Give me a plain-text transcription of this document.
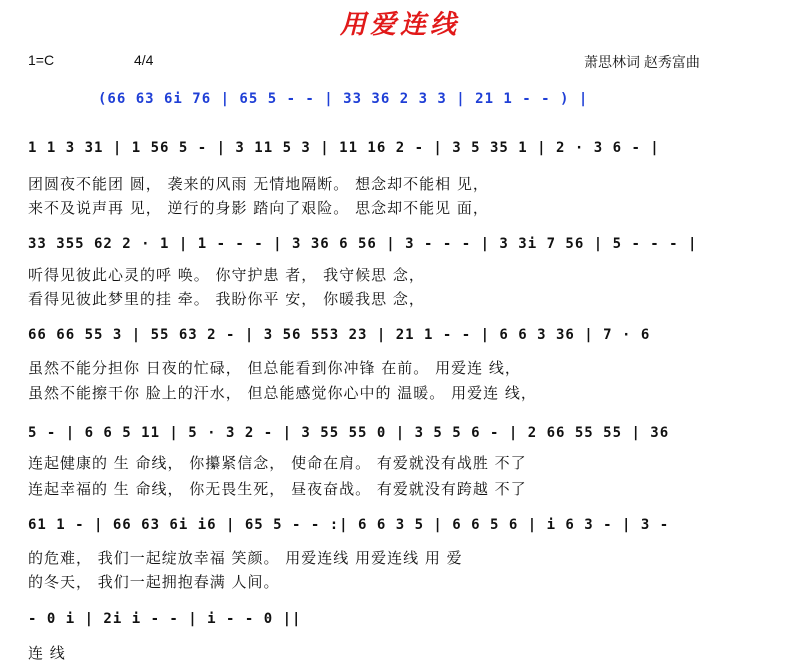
用爱连线
1=C	4/4	萧思林词 赵秀富曲
(66 63 6i 76 | 65 5 - - | 33 36 2 3 3 | 21 1 - - ) |
1 1 3 31 | 1 56 5 - | 3 11 5 3 | 11 16 2 - | 3 5 35 1 | 2 · 3 6 - |
团圆夜不能团 圆， 袭来的风雨 无情地隔断。 想念却不能相 见，
来不及说声再 见， 逆行的身影 踏向了艰险。 思念却不能见 面，
33 355 62 2 · 1 | 1 - - - | 3 36 6 56 | 3 - - - | 3 3i 7 56 | 5 - - - |
听得见彼此心灵的呼 唤。 你守护患 者， 我守候思 念，
看得见彼此梦里的挂 牵。 我盼你平 安， 你暖我思 念，
66 66 55 3 | 55 63 2 - | 3 56 553 23 | 21 1 - - | 6 6 3 36 | 7 · 6
虽然不能分担你 日夜的忙碌， 但总能看到你冲锋 在前。 用爱连 线，
虽然不能擦干你 脸上的汗水， 但总能感觉你心中的 温暖。 用爱连 线，
5 - | 6 6 5 11 | 5 · 3 2 - | 3 55 55 0 | 3 5 5 6 - | 2 66 55 55 | 36
连起健康的 生 命线， 你攥紧信念， 使命在肩。 有爱就没有战胜 不了
连起幸福的 生 命线， 你无畏生死， 昼夜奋战。 有爱就没有跨越 不了
61 1 - | 66 63 6i i6 | 65 5 - - :| 6 6 3 5 | 6 6 5 6 | i 6 3 - | 3 -
的危难， 我们一起绽放幸福 笑颜。 用爱连线 用爱连线 用 爱
的冬天， 我们一起拥抱春满 人间。
- 0 i | 2i i - - | i - - 0 ||
连 线
